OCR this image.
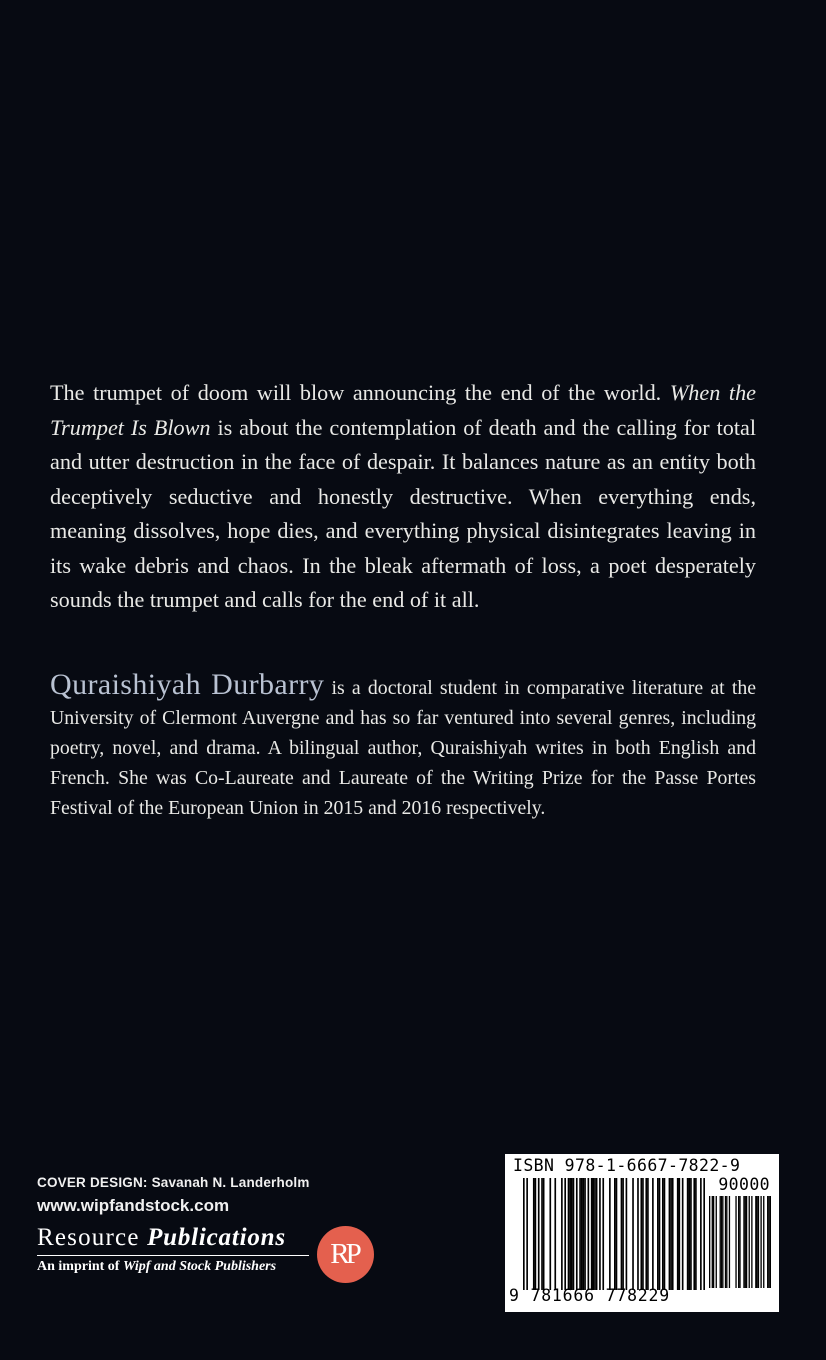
The trumpet of doom will blow announcing the end of the world. When the Trumpet Is Blown is about the contemplation of death and the calling for total and utter destruction in the face of despair. It balances nature as an entity both deceptively seductive and honestly destructive. When everything ends, meaning dissolves, hope dies, and everything physical disintegrates leaving in its wake debris and chaos. In the bleak aftermath of loss, a poet desperately sounds the trumpet and calls for the end of it all.

Quraishiyah Durbarry is a doctoral student in comparative literature at the University of Clermont Auvergne and has so far ventured into several genres, including poetry, novel, and drama. A bilingual author, Quraishiyah writes in both English and French. She was Co-Laureate and Laureate of the Writing Prize for the Passe Portes Festival of the European Union in 2015 and 2016 respectively.

COVER DESIGN: Savanah N. Landerholm
www.wipfandstock.com
Resource Publications
An imprint of Wipf and Stock Publishers	RP
ISBN 978-1-6667-7822-9
90000
9 781666 778229
